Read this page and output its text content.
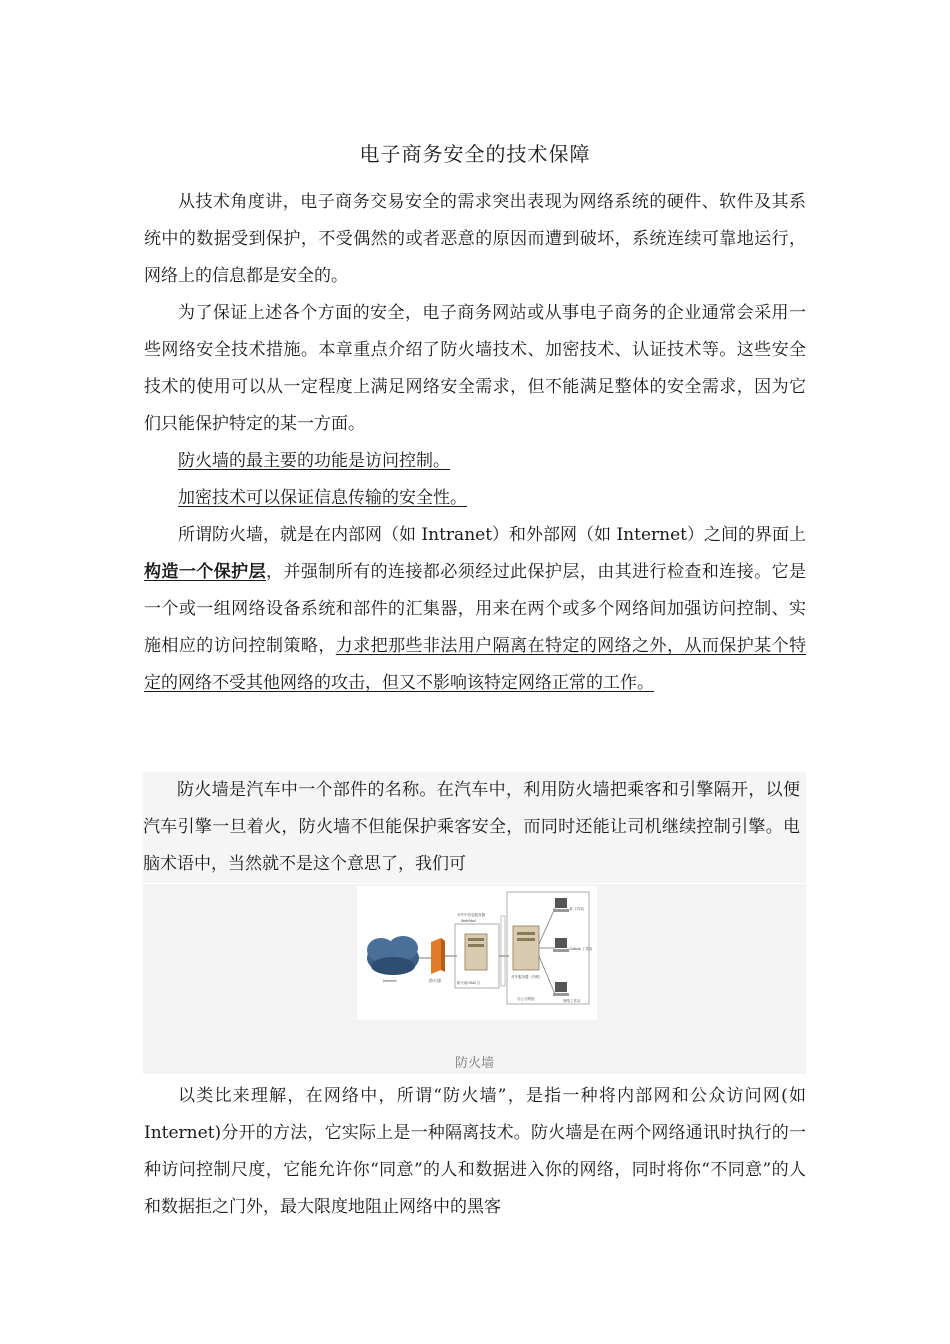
电子商务安全的技术保障

从技术角度讲，电子商务交易安全的需求突出表现为网络系统的硬件、软件及其系统中的数据受到保护，不受偶然的或者恶意的原因而遭到破坏，系统连续可靠地运行，网络上的信息都是安全的。

为了保证上述各个方面的安全，电子商务网站或从事电子商务的企业通常会采用一些网络安全技术措施。本章重点介绍了防火墙技术、加密技术、认证技术等。这些安全技术的使用可以从一定程度上满足网络安全需求，但不能满足整体的安全需求，因为它们只能保护特定的某一方面。

防火墙的最主要的功能是访问控制。

加密技术可以保证信息传输的安全性。

所谓防火墙，就是在内部网（如 Intranet）和外部网（如 Internet）之间的界面上构造一个保护层，并强制所有的连接都必须经过此保护层，由其进行检查和连接。它是一个或一组网络设备系统和部件的汇集器，用来在两个或多个网络间加强访问控制、实施相应的访问控制策略，力求把那些非法用户隔离在特定的网络之外，从而保护某个特定的网络不受其他网络的攻击，但又不影响该特定网络正常的工作。

防火墙是汽车中一个部件的名称。在汽车中，利用防火墙把乘客和引擎隔开，以便汽车引擎一旦着火，防火墙不但能保护乘客安全，而同时还能让司机继续控制引擎。电脑术语中，当然就不是这个意思了，我们可

Internet	防火墙
对外中信息服务器
Web/Mail
防火墙 DMZ 区
对外服务器（内网）
办公与网管
某 工作站
Outlook 工作站
网络工作站
防火墙

以类比来理解，在网络中，所谓“防火墙”，是指一种将内部网和公众访问网(如 Internet)分开的方法，它实际上是一种隔离技术。防火墙是在两个网络通讯时执行的一种访问控制尺度，它能允许你“同意”的人和数据进入你的网络，同时将你“不同意”的人和数据拒之门外，最大限度地阻止网络中的黑客
